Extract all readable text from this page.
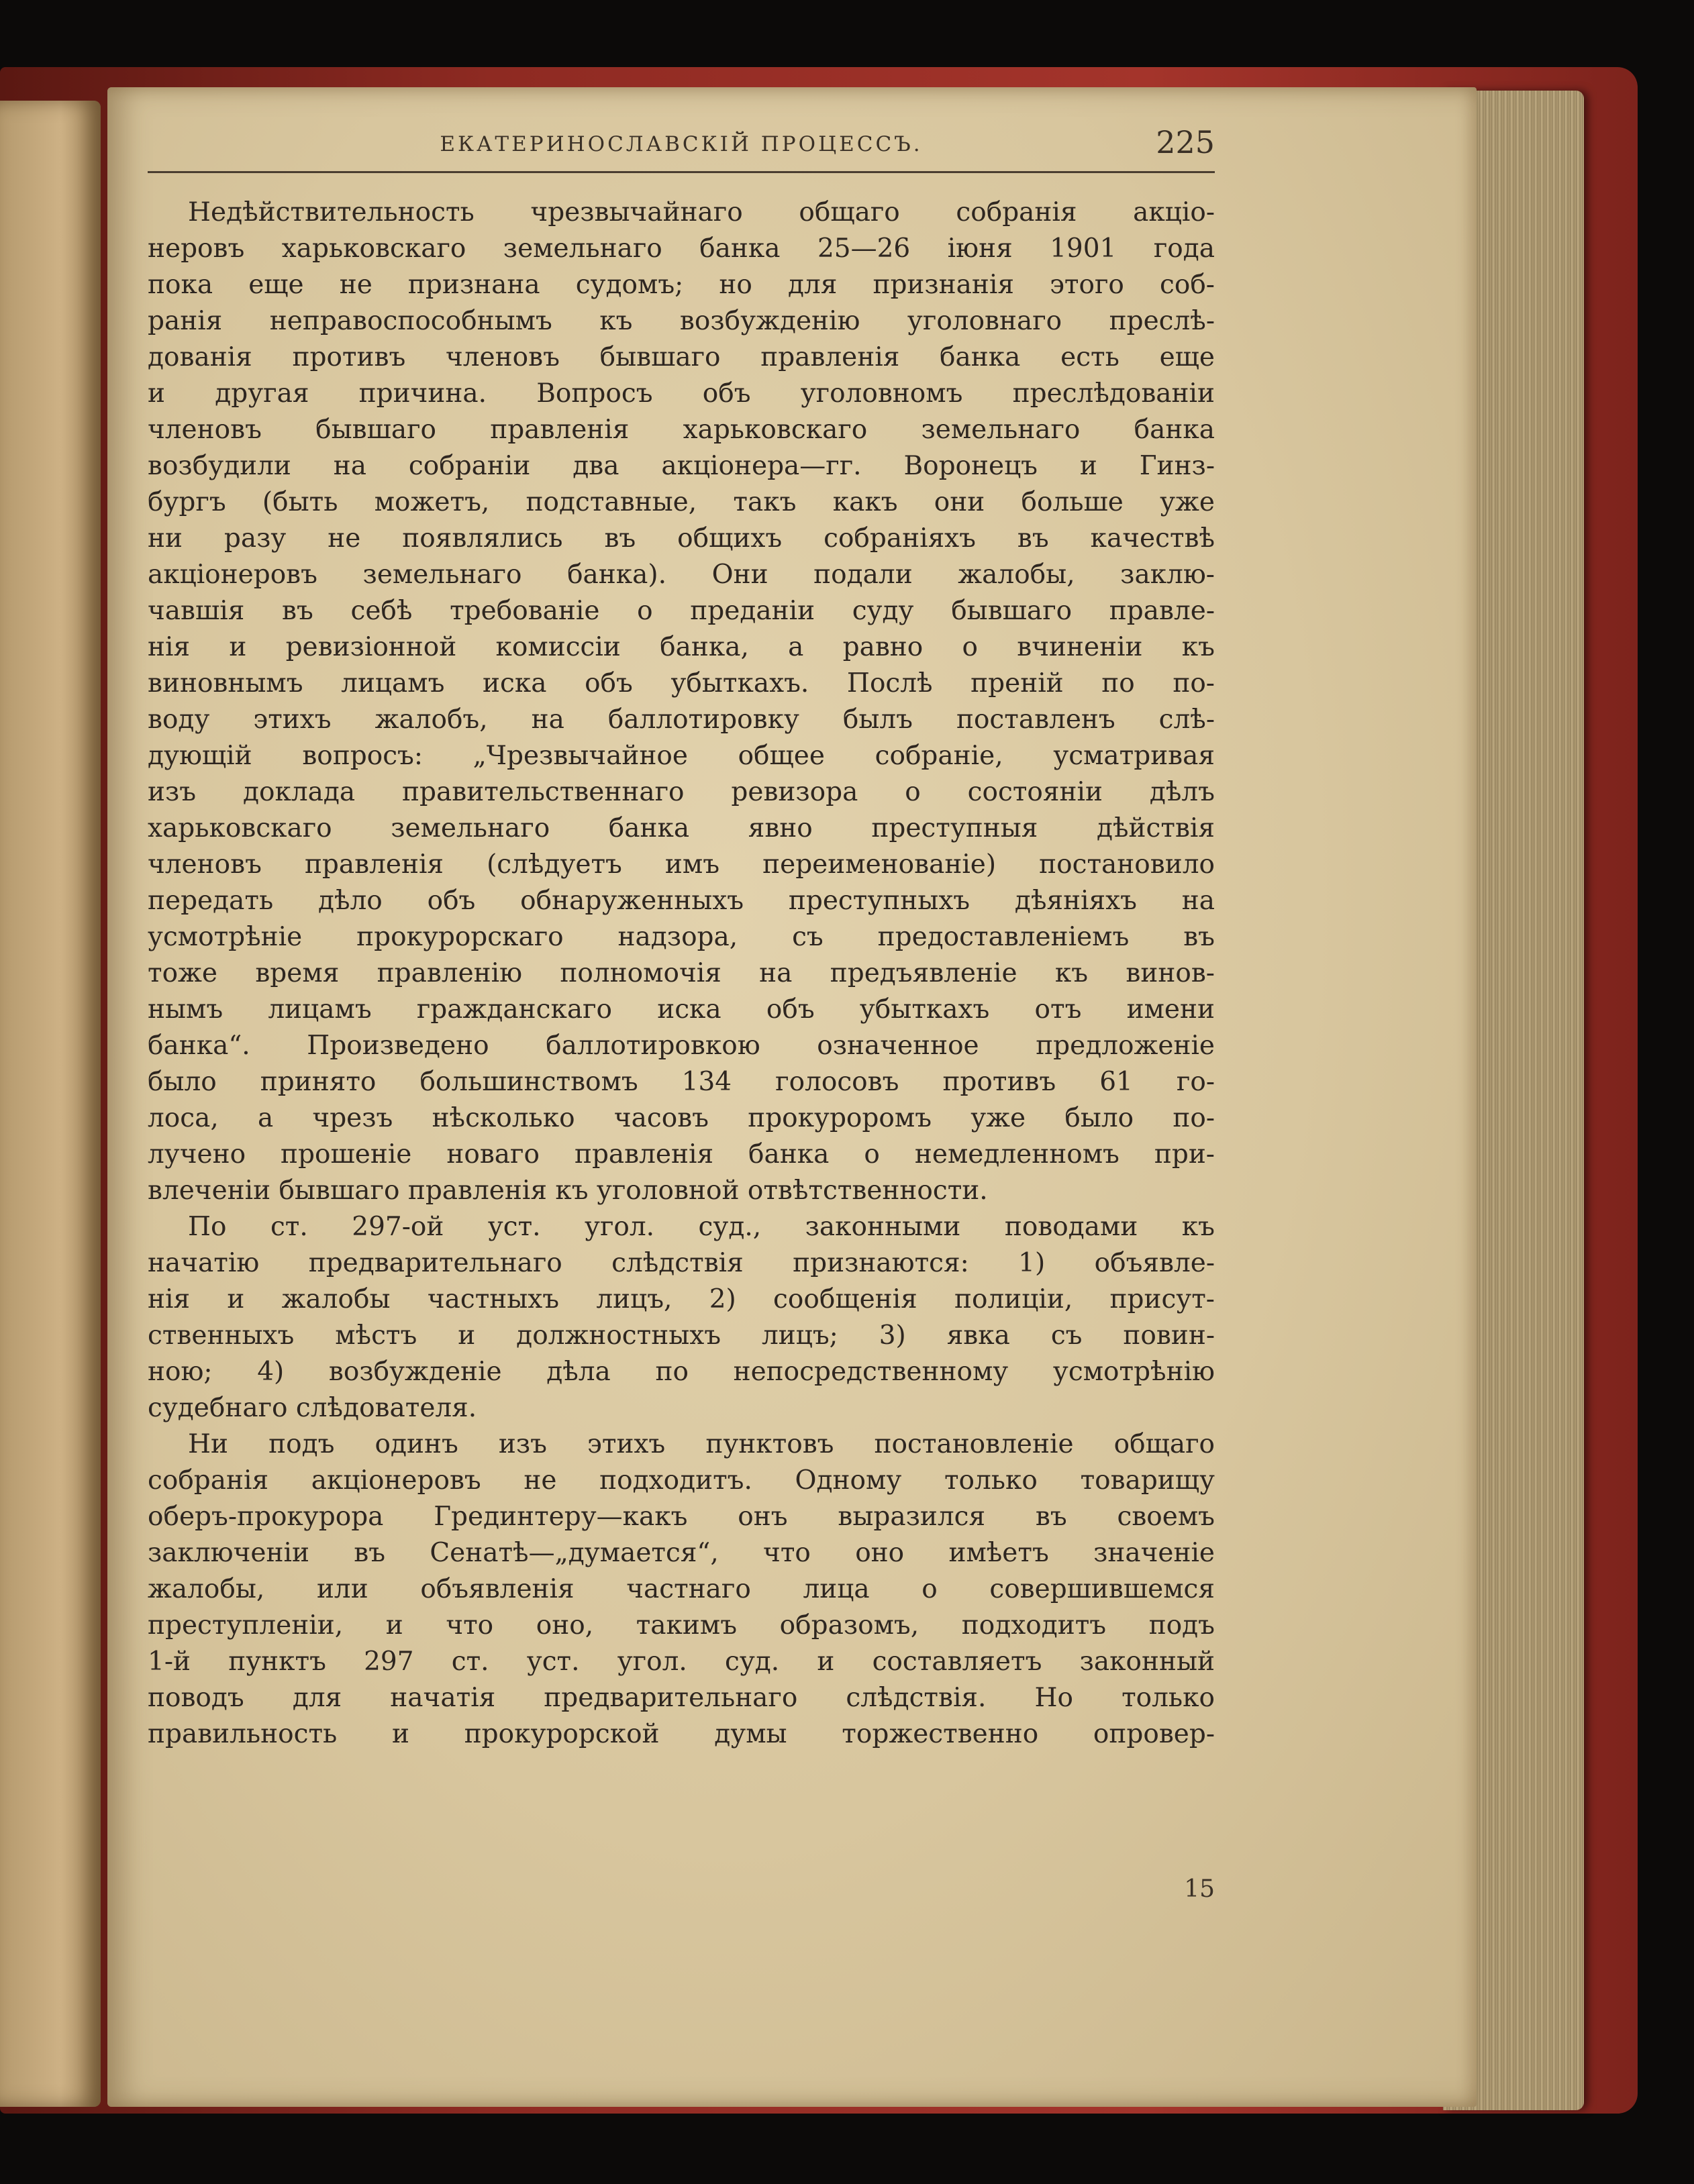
ЕКАТЕРИНОСЛАВСКІЙ ПРОЦЕССЪ.	225
Недѣйствительность чрезвычайнаго общаго собранія акціо-
неровъ харьковскаго земельнаго банка 25—26 іюня 1901 года
пока еще не признана судомъ; но для признанія этого соб-
ранія неправоспособнымъ къ возбужденію уголовнаго преслѣ-
дованія противъ членовъ бывшаго правленія банка есть еще
и другая причина. Вопросъ объ уголовномъ преслѣдованіи
членовъ бывшаго правленія харьковскаго земельнаго банка
возбудили на собраніи два акціонера—гг. Воронецъ и Гинз-
бургъ (быть можетъ, подставные, такъ какъ они больше уже
ни разу не появлялись въ общихъ собраніяхъ въ качествѣ
акціонеровъ земельнаго банка). Они подали жалобы, заклю-
чавшія въ себѣ требованіе о преданіи суду бывшаго правле-
нія и ревизіонной комиссіи банка, а равно о вчиненіи къ
виновнымъ лицамъ иска объ убыткахъ. Послѣ преній по по-
воду этихъ жалобъ, на баллотировку былъ поставленъ слѣ-
дующій вопросъ: „Чрезвычайное общее собраніе, усматривая
изъ доклада правительственнаго ревизора о состояніи дѣлъ
харьковскаго земельнаго банка явно преступныя дѣйствія
членовъ правленія (слѣдуетъ имъ переименованіе) постановило
передать дѣло объ обнаруженныхъ преступныхъ дѣяніяхъ на
усмотрѣніе прокурорскаго надзора, съ предоставленіемъ въ
тоже время правленію полномочія на предъявленіе къ винов-
нымъ лицамъ гражданскаго иска объ убыткахъ отъ имени
банка“. Произведено баллотировкою означенное предложеніе
было принято большинствомъ 134 голосовъ противъ 61 го-
лоса, а чрезъ нѣсколько часовъ прокуроромъ уже было по-
лучено прошеніе новаго правленія банка о немедленномъ при-
влеченіи бывшаго правленія къ уголовной отвѣтственности.
По ст. 297-ой уст. угол. суд., законными поводами къ
начатію предварительнаго слѣдствія признаются: 1) объявле-
нія и жалобы частныхъ лицъ, 2) сообщенія полиціи, присут-
ственныхъ мѣстъ и должностныхъ лицъ; 3) явка съ повин-
ною; 4) возбужденіе дѣла по непосредственному усмотрѣнію
судебнаго слѣдователя.
Ни подъ одинъ изъ этихъ пунктовъ постановленіе общаго
собранія акціонеровъ не подходитъ. Одному только товарищу
оберъ-прокурора Грединтеру—какъ онъ выразился въ своемъ
заключеніи въ Сенатѣ—„думается“, что оно имѣетъ значеніе
жалобы, или объявленія частнаго лица о совершившемся
преступленіи, и что оно, такимъ образомъ, подходитъ подъ
1-й пунктъ 297 ст. уст. угол. суд. и составляетъ законный
поводъ для начатія предварительнаго слѣдствія. Но только
правильность и прокурорской думы торжественно опровер-
15
